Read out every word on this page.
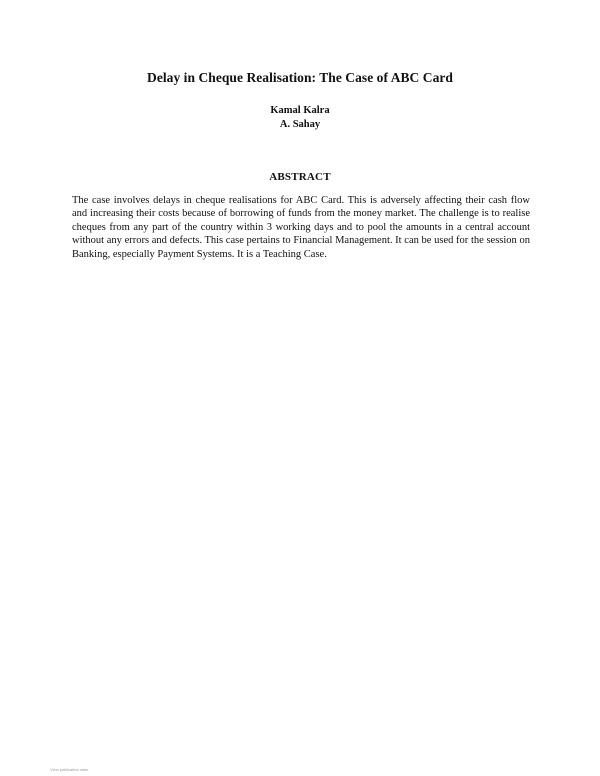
Delay in Cheque Realisation: The Case of ABC Card
Kamal Kalra
A. Sahay
ABSTRACT
The case involves delays in cheque realisations for ABC Card. This is adversely affecting their cash flow and increasing their costs because of borrowing of funds from the money market. The challenge is to realise cheques from any part of the country within 3 working days and to pool the amounts in a central account without any errors and defects. This case pertains to Financial Management. It can be used for the session on Banking, especially Payment Systems. It is a Teaching Case.
View publication stats
